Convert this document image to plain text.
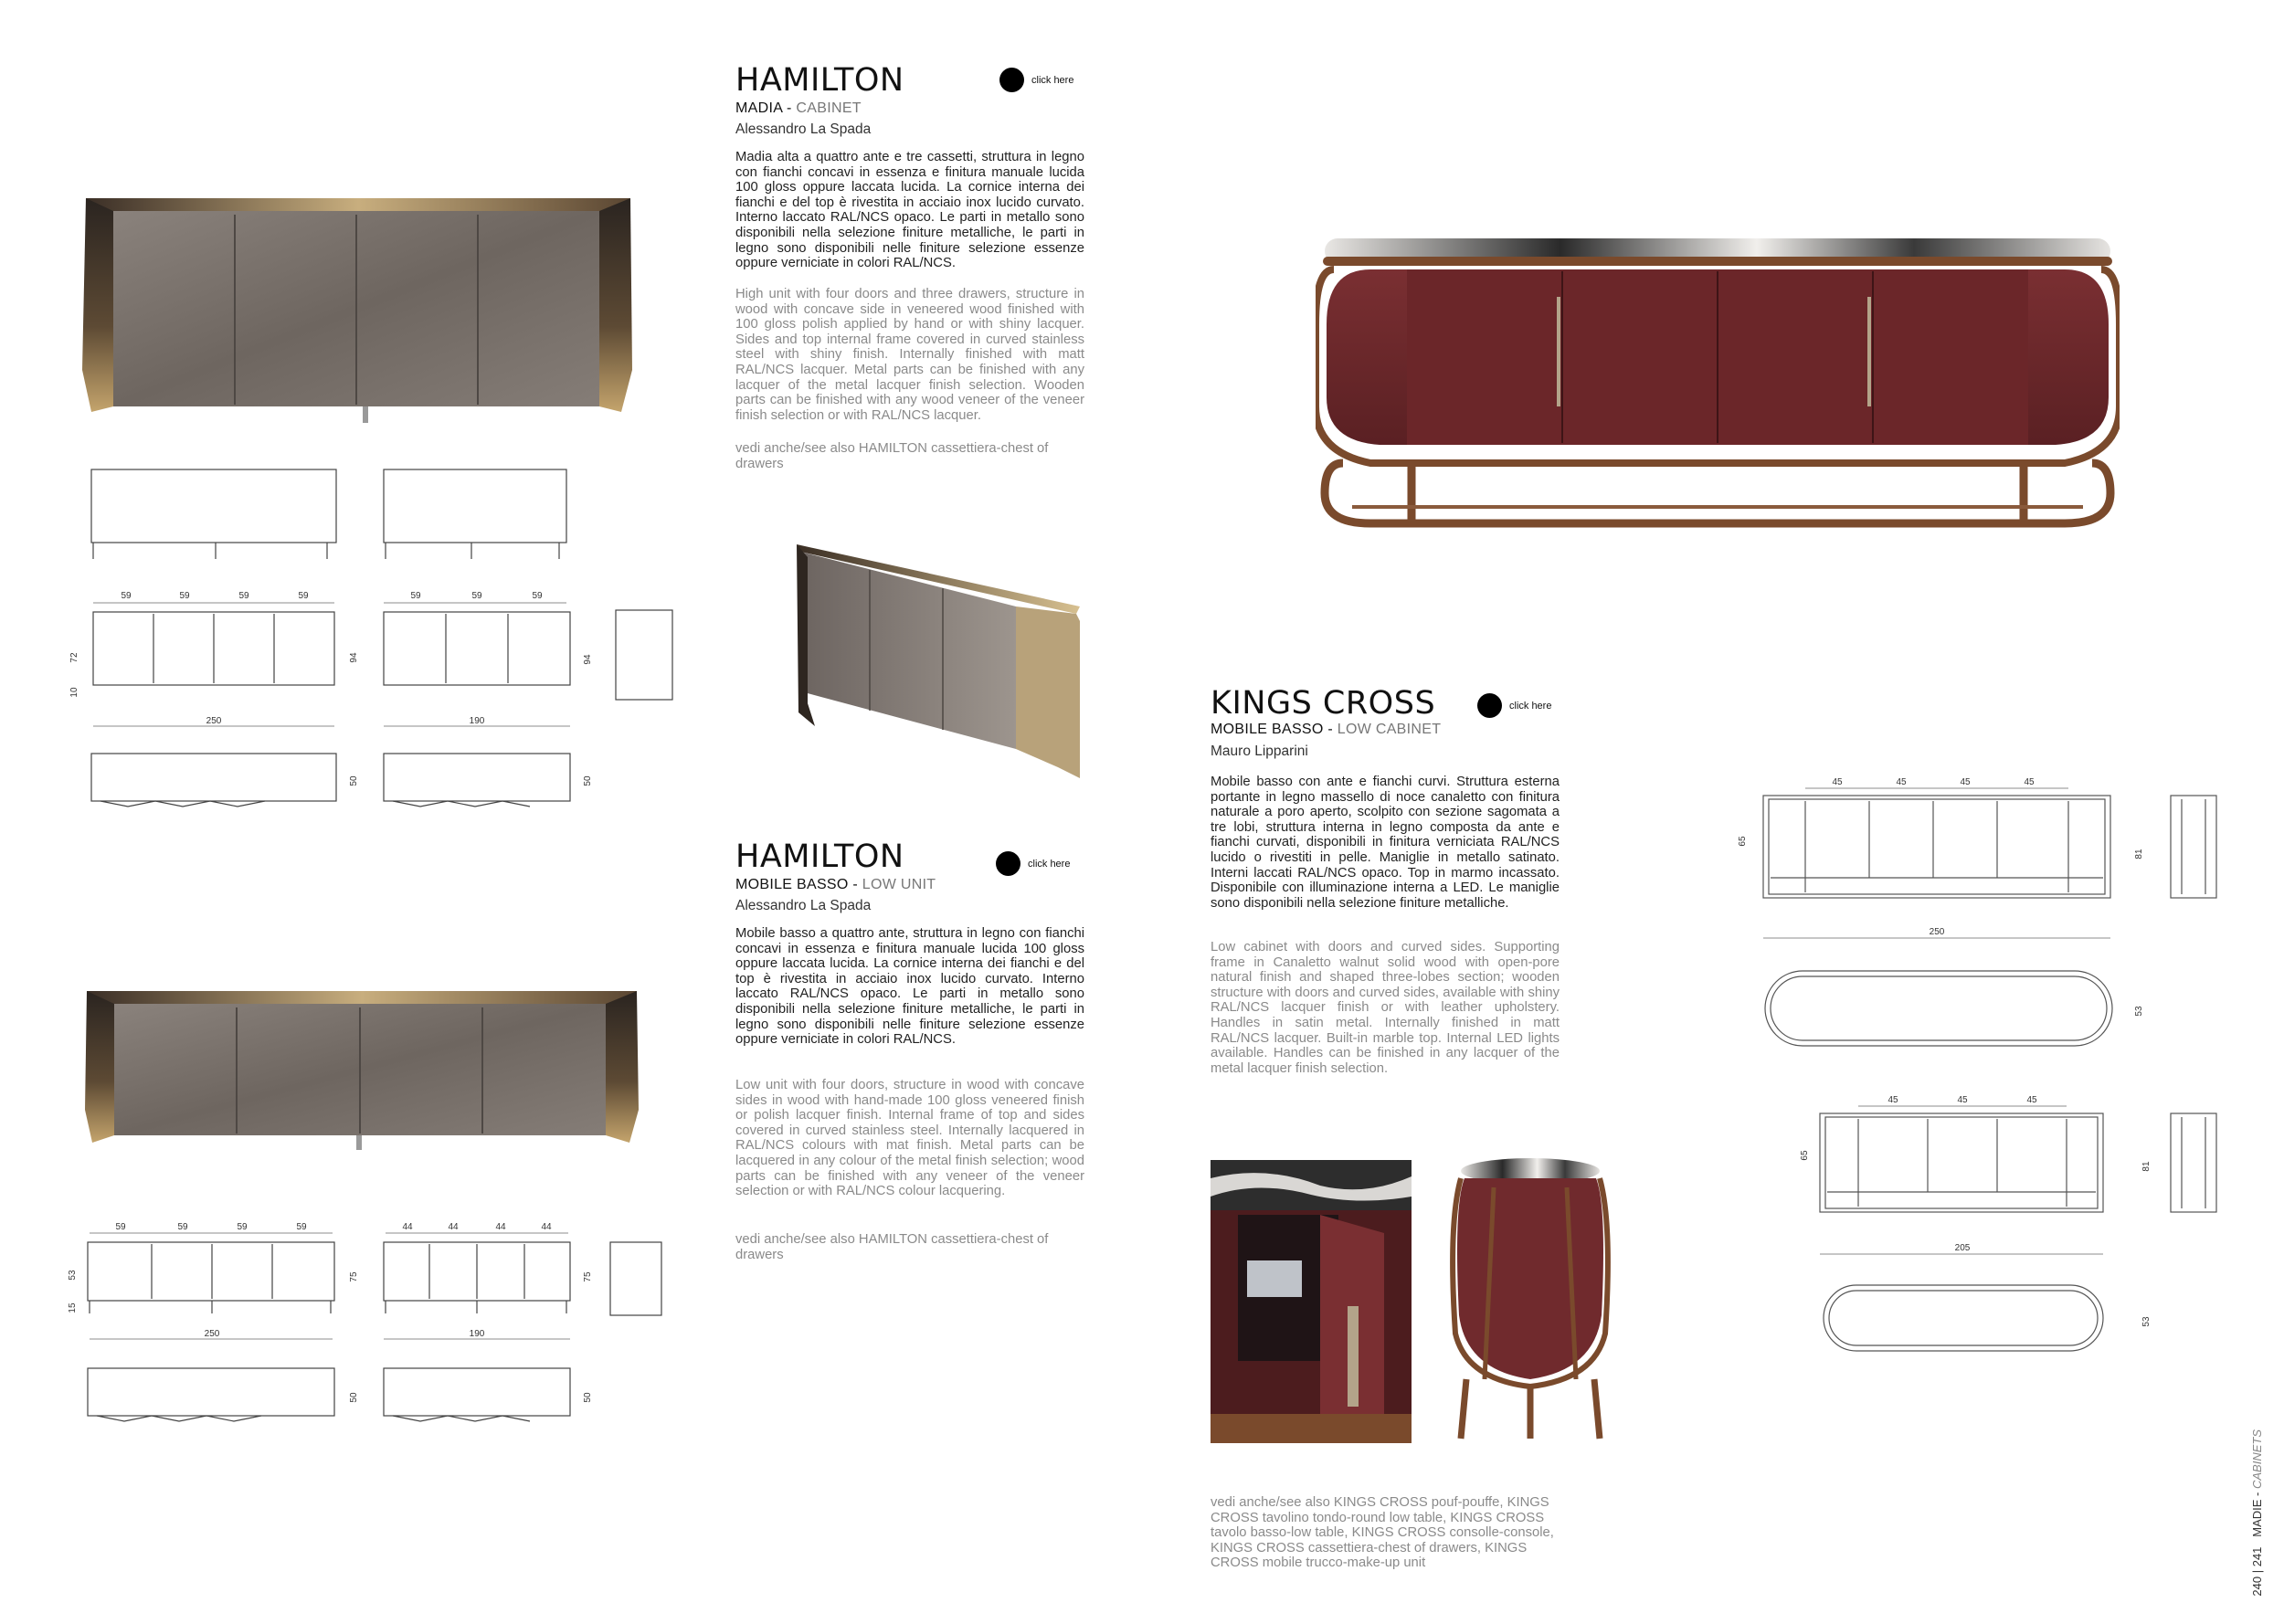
HAMILTON	click here
MADIA - CABINET
Alessandro La Spada
Madia alta a quattro ante e tre cassetti, struttura in legno con fianchi concavi in essenza e finitura manuale lucida 100 gloss oppure laccata lucida. La cornice interna dei fianchi e del top è rivestita in acciaio inox lucido curvato. Interno laccato RAL/NCS opaco. Le parti in metallo sono disponibili nella selezione finiture metalliche, le parti in legno sono disponibili nelle finiture selezione essenze oppure verniciate in colori RAL/NCS.
High unit with four doors and three drawers, structure in wood with concave side in veneered wood finished with 100 gloss polish applied by hand or with shiny lacquer. Sides and top internal frame covered in curved stainless steel with shiny finish. Internally finished with matt RAL/NCS lacquer. Metal parts can be finished with any lacquer of the metal lacquer finish selection. Wooden parts can be finished with any wood veneer of the veneer finish selection or with RAL/NCS lacquer.
vedi anche/see also HAMILTON cassettiera-chest of drawers
HAMILTON	click here
MOBILE BASSO - LOW UNIT
Alessandro La Spada
Mobile basso a quattro ante, struttura in legno con fianchi concavi in essenza e finitura manuale lucida 100 gloss oppure laccata lucida. La cornice interna dei fianchi e del top è rivestita in acciaio inox lucido curvato. Interno laccato RAL/NCS opaco. Le parti in metallo sono disponibili nella selezione finiture metalliche, le parti in legno sono disponibili nelle finiture selezione essenze oppure verniciate in colori RAL/NCS.
Low unit with four doors, structure in wood with concave sides in wood with hand-made 100 gloss veneered finish or polish lacquer finish. Internal frame of top and sides covered in curved stainless steel. Internally lacquered in RAL/NCS colours with mat finish. Metal parts can be lacquered in any colour of the metal finish selection; wood parts can be finished with any veneer of the veneer selection or with RAL/NCS colour lacquering.
vedi anche/see also HAMILTON cassettiera-chest of drawers
KINGS CROSS	click here
MOBILE BASSO - LOW CABINET
Mauro Lipparini
Mobile basso con ante e fianchi curvi. Struttura esterna portante in legno massello di noce canaletto con finitura naturale a poro aperto, scolpito con sezione sagomata a tre lobi, struttura interna in legno composta da ante e fianchi curvati, disponibili in finitura verniciata RAL/NCS lucido o rivestiti in pelle. Maniglie in metallo satinato. Interni laccati RAL/NCS opaco. Top in marmo incassato. Disponibile con illuminazione interna a LED. Le maniglie sono disponibili nella selezione finiture metalliche.
Low cabinet with doors and curved sides. Supporting frame in Canaletto walnut solid wood with open-pore natural finish and shaped three-lobes section; wooden structure with doors and curved sides, available with shiny RAL/NCS lacquer finish or with leather upholstery. Handles in satin metal. Internally finished in matt RAL/NCS lacquer. Built-in marble top. Internal LED lights available. Handles can be finished in any lacquer of the metal lacquer finish selection.
vedi anche/see also KINGS CROSS pouf-pouffe, KINGS CROSS tavolino tondo-round low table, KINGS CROSS tavolo basso-low table, KINGS CROSS consolle-console, KINGS CROSS cassettiera-chest of drawers, KINGS CROSS mobile trucco-make-up unit	240 | 241   MADIE - CABINETS
59	59	59	59	59	59	59
250	190
72
10
94	94
50	50
59	59	59	59	44	44	44	44
250	190
53
15
75	75
50	50
45	45	45	45
250
65
81
53
45	45	45
205
65
81
53
